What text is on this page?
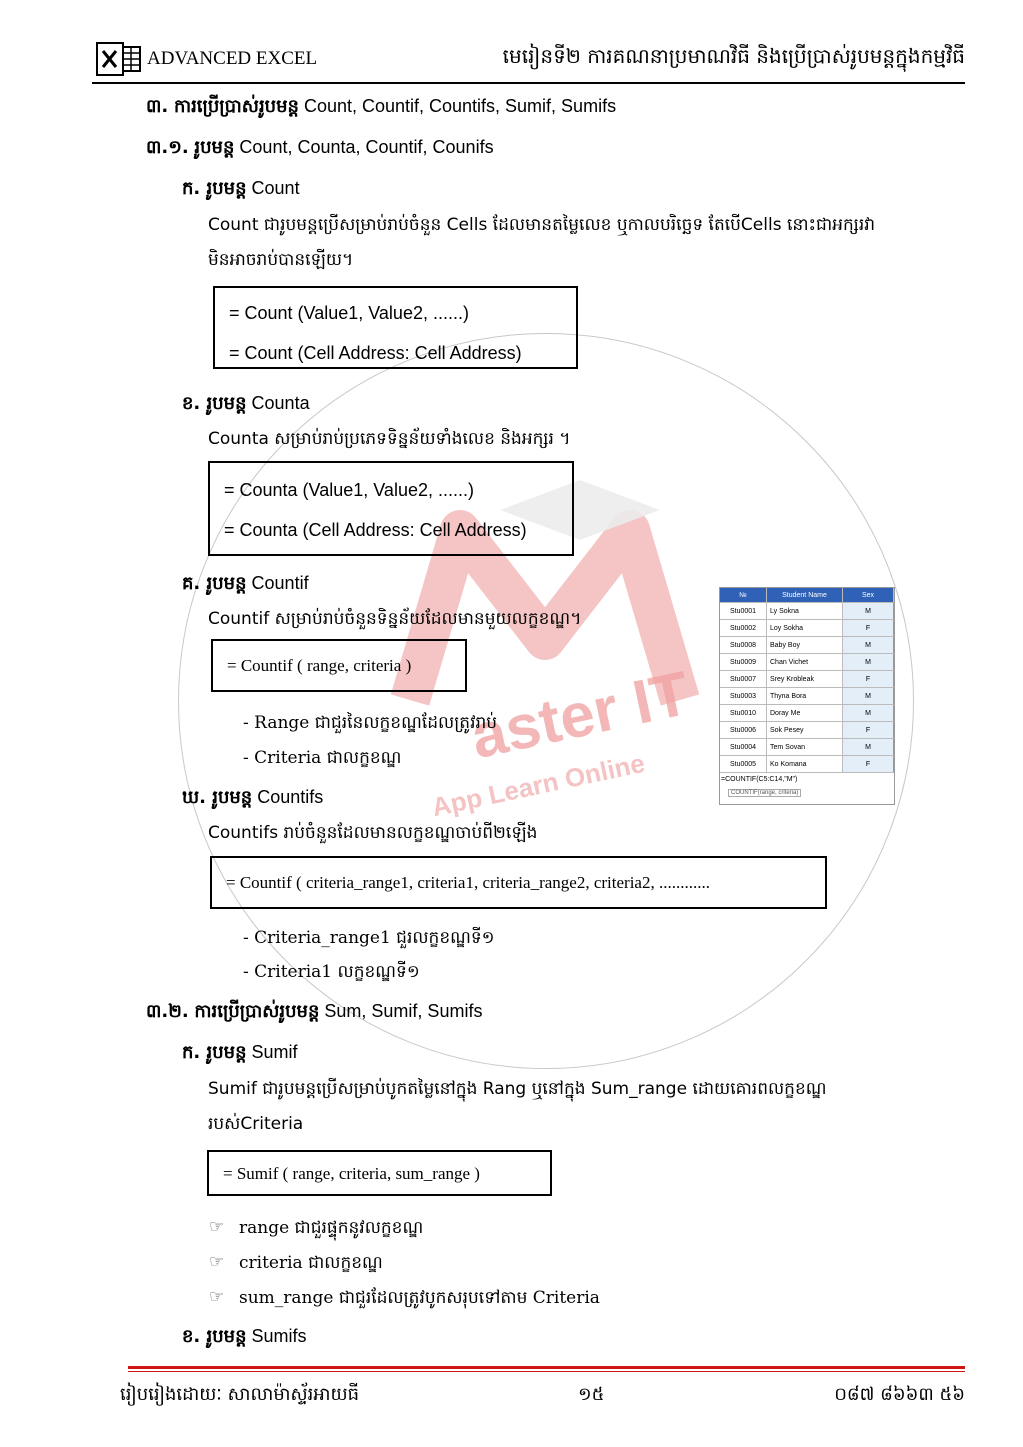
ADVANCED EXCEL	មេរៀនទី២ ការគណនាប្រមាណវិធី និងប្រើប្រាស់រូបមន្តក្នុងកម្មវិធី
aster IT
App Learn Online
៣. ការប្រើប្រាស់រូបមន្ត Count, Countif, Countifs, Sumif, Sumifs
៣.១. រូបមន្ត Count, Counta, Countif, Counifs
ក. រូបមន្ត Count
Count ជារូបមន្តប្រើសម្រាប់រាប់ចំនួន Cells ដែលមានតម្លៃលេខ ឬកាលបរិច្ឆេទ តែបើCells នោះជាអក្សរវា
មិនអាចរាប់បានឡើយ។
= Count (Value1, Value2, ......)
= Count (Cell Address: Cell Address)
ខ. រូបមន្ត Counta
Counta សម្រាប់រាប់ប្រភេទទិន្នន័យទាំងលេខ និងអក្សរ ។
= Counta (Value1, Value2, ......)
= Counta (Cell Address: Cell Address)
គ. រូបមន្ត Countif
Countif សម្រាប់រាប់ចំនួនទិន្នន័យដែលមានមួយលក្ខខណ្ឌ។
= Countif ( range, criteria )
- Range ជាជួរនៃលក្ខខណ្ឌដែលត្រូវរាប់
- Criteria ជាលក្ខខណ្ឌ
№	Student Name	Sex
Stu0001	Ly Sokna	M
Stu0002	Loy Sokha	F
Stu0008	Baby Boy	M
Stu0009	Chan Vichet	M
Stu0007	Srey Krobleak	F
Stu0003	Thyna Bora	M
Stu0010	Doray Me	M
Stu0006	Sok Pesey	F
Stu0004	Tem Sovan	M
Stu0005	Ko Komana	F
=COUNTIF(C5:C14,"M")
COUNTIF(range, criteria)
ឃ. រូបមន្ត Countifs
Countifs រាប់ចំនួនដែលមានលក្ខខណ្ឌចាប់ពី២ឡើង
= Countif ( criteria_range1, criteria1, criteria_range2, criteria2, ............
- Criteria_range1 ជួរលក្ខខណ្ឌទី១
- Criteria1 លក្ខខណ្ឌទី១
៣.២. ការប្រើប្រាស់រូបមន្ត Sum, Sumif, Sumifs
ក. រូបមន្ត Sumif
Sumif ជារូបមន្តប្រើសម្រាប់បូកតម្លៃនៅក្នុង Rang ឬនៅក្នុង Sum_range ដោយគោរពលក្ខខណ្ឌ
របស់Criteria
= Sumif ( range, criteria, sum_range )
☞ range ជាជួរផ្ទុកនូវលក្ខខណ្ឌ
☞ criteria ជាលក្ខខណ្ឌ
☞ sum_range ជាជួរដែលត្រូវបូកសរុបទៅតាម Criteria
ខ. រូបមន្ត Sumifs
រៀបរៀងដោយៈ សាលាម៉ាស្ទ័រអាយធី	១៥	០៨៧ ៨៦៦៣ ៥៦
